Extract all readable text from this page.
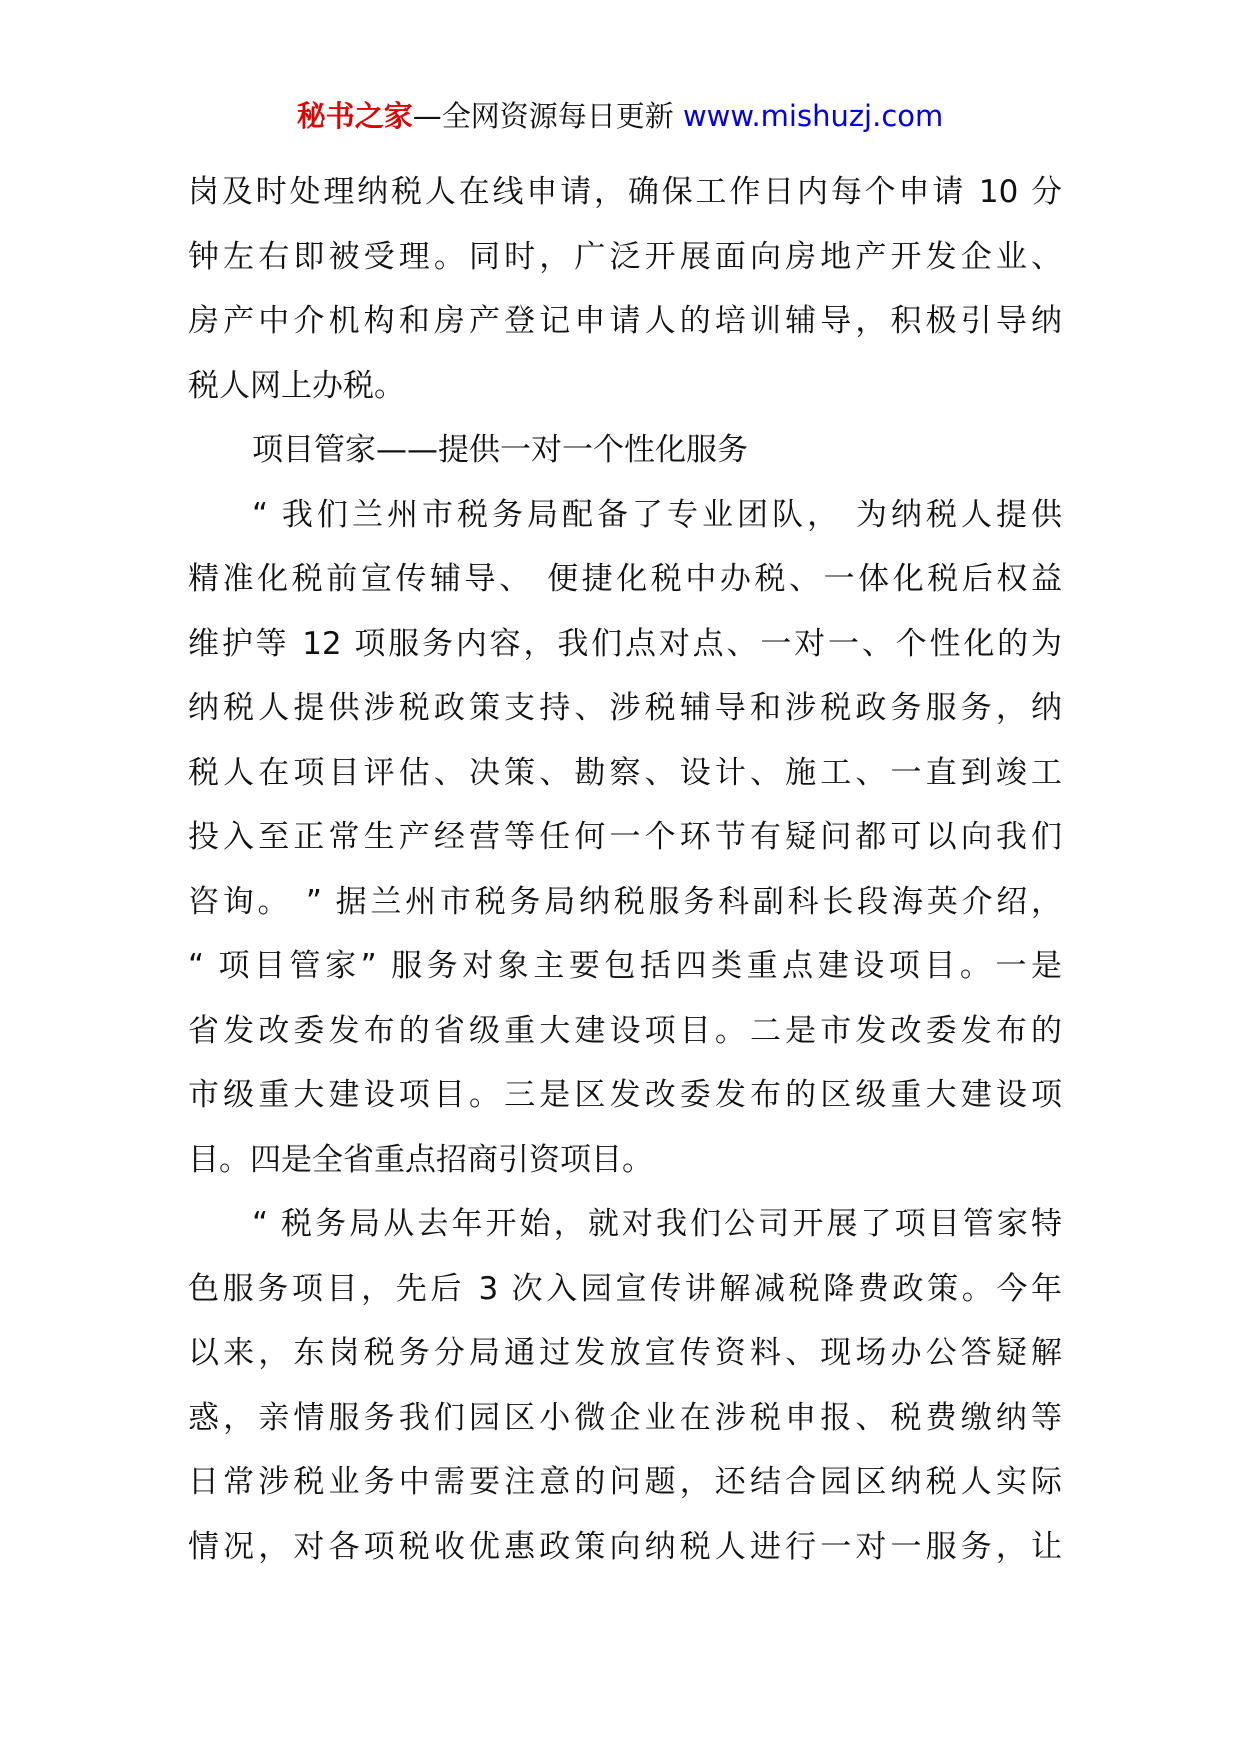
秘书之家—全网资源每日更新 www.mishuzj.com
岗及时处理纳税人在线申请，确保工作日内每个申请 10 分
钟左右即被受理。同时，广泛开展面向房地产开发企业、
房产中介机构和房产登记申请人的培训辅导，积极引导纳
税人网上办税。
项目管家——提供一对一个性化服务
“ 我们兰州市税务局配备了专业团队， 为纳税人提供
精准化税前宣传辅导、 便捷化税中办税、一体化税后权益
维护等 12 项服务内容，我们点对点、一对一、个性化的为
纳税人提供涉税政策支持、涉税辅导和涉税政务服务，纳
税人在项目评估、决策、勘察、设计、施工、一直到竣工
投入至正常生产经营等任何一个环节有疑问都可以向我们
咨询。 ” 据兰州市税务局纳税服务科副科长段海英介绍，
“ 项目管家” 服务对象主要包括四类重点建设项目。一是
省发改委发布的省级重大建设项目。二是市发改委发布的
市级重大建设项目。三是区发改委发布的区级重大建设项
目。四是全省重点招商引资项目。
“ 税务局从去年开始，就对我们公司开展了项目管家特
色服务项目，先后 3 次入园宣传讲解减税降费政策。今年
以来，东岗税务分局通过发放宣传资料、现场办公答疑解
惑，亲情服务我们园区小微企业在涉税申报、税费缴纳等
日常涉税业务中需要注意的问题，还结合园区纳税人实际
情况，对各项税收优惠政策向纳税人进行一对一服务，让
